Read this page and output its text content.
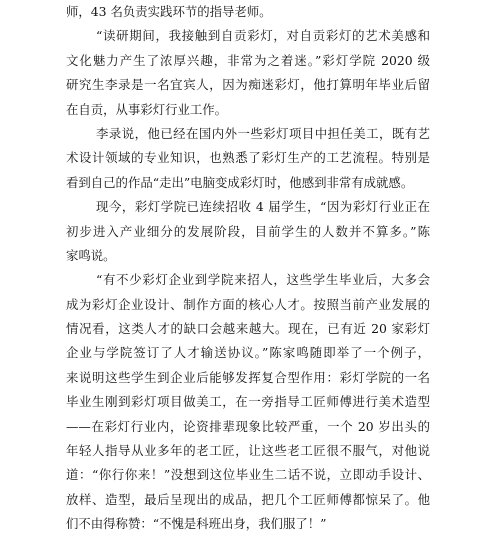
师，43 名负责实践环节的指导老师。
“读研期间，我接触到自贡彩灯，对自贡彩灯的艺术美感和
文化魅力产生了浓厚兴趣，非常为之着迷。”彩灯学院 2020 级
研究生李录是一名宜宾人，因为痴迷彩灯，他打算明年毕业后留
在自贡，从事彩灯行业工作。
李录说，他已经在国内外一些彩灯项目中担任美工，既有艺
术设计领域的专业知识，也熟悉了彩灯生产的工艺流程。特别是
看到自己的作品“走出”电脑变成彩灯时，他感到非常有成就感。
现今，彩灯学院已连续招收 4 届学生，“因为彩灯行业正在
初步进入产业细分的发展阶段，目前学生的人数并不算多。”陈
家鸣说。
“有不少彩灯企业到学院来招人，这些学生毕业后，大多会
成为彩灯企业设计、制作方面的核心人才。按照当前产业发展的
情况看，这类人才的缺口会越来越大。现在，已有近 20 家彩灯
企业与学院签订了人才输送协议。”陈家鸣随即举了一个例子，
来说明这些学生到企业后能够发挥复合型作用：彩灯学院的一名
毕业生刚到彩灯项目做美工，在一旁指导工匠师傅进行美术造型
——在彩灯行业内，论资排辈现象比较严重，一个 20 岁出头的
年轻人指导从业多年的老工匠，让这些老工匠很不服气，对他说
道：“你行你来！”没想到这位毕业生二话不说，立即动手设计、
放样、造型，最后呈现出的成品，把几个工匠师傅都惊呆了。他
们不由得称赞：“不愧是科班出身，我们服了！”
